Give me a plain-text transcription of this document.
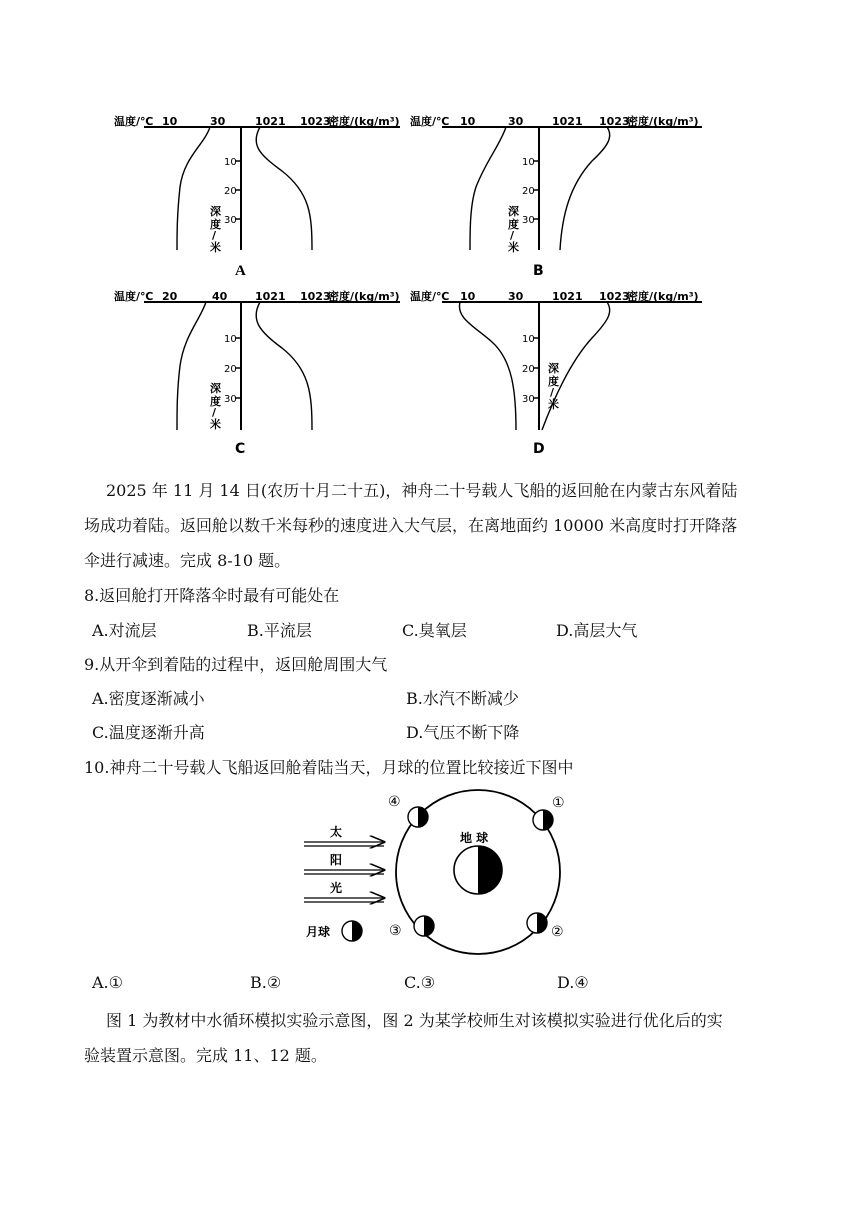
温度/℃ 10	30	1021 1023
密度/(kg/m³)
10
20
30
深
度
/
米
A
温度/℃ 10	30	1021 1023
密度/(kg/m³)
10
20
30
深
度
/
米
B
温度/℃ 20	40	1021 1023
密度/(kg/m³)
10
20
30
深
度
/
米
C
温度/℃ 10	30	1021 1023
密度/(kg/m³)
10
20
30
深
度
/
米
D
2025 年 11 月 14 日(农历十月二十五)，神舟二十号载人飞船的返回舱在内蒙古东风着陆
场成功着陆。返回舱以数千米每秒的速度进入大气层，在离地面约 10000 米高度时打开降落
伞进行减速。完成 8-10 题。
8.返回舱打开降落伞时最有可能处在
A.对流层	B.平流层	C.臭氧层	D.高层大气
9.从开伞到着陆的过程中，返回舱周围大气
A.密度逐渐减小	B.水汽不断减少
C.温度逐渐升高	D.气压不断下降
10.神舟二十号载人飞船返回舱着陆当天，月球的位置比较接近下图中
太
阳
光
地 球
④	①
③	②
月球
A.①	B.②	C.③	D.④
图 1 为教材中水循环模拟实验示意图，图 2 为某学校师生对该模拟实验进行优化后的实
验装置示意图。完成 11、12 题。
